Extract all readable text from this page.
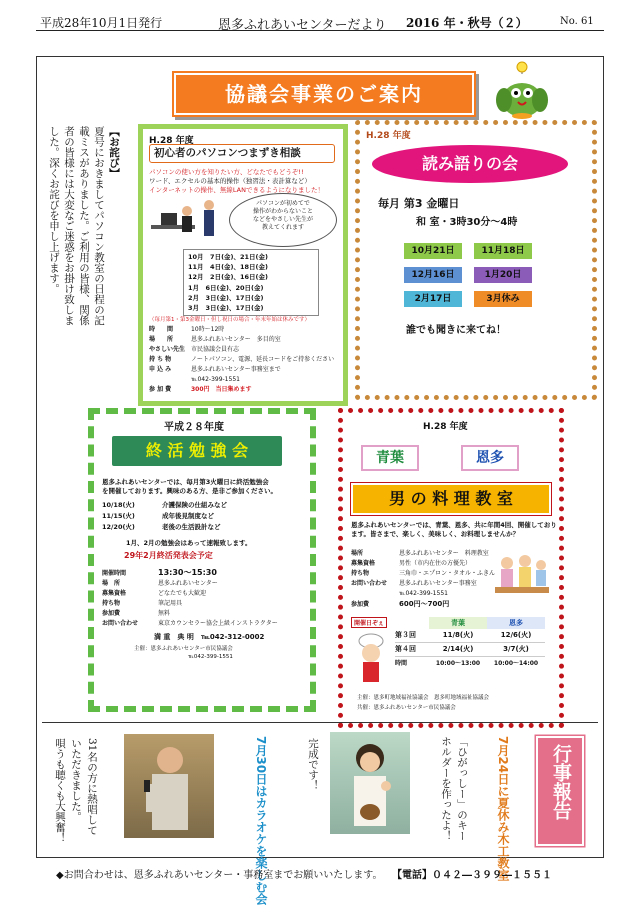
平成28年10月1日発行	恩多ふれあいセンターだより 2016 年・秋号（２）	No. 61
協議会事業のご案内
【お詫び】
夏号におきましてパソコン教室の日程の記
載ミスがありました。ご利用の皆様、関係
者の皆様には大変なご迷惑をお掛け致しま
した。深くお詫びを申し上げます。	H.28 年度
初心者のパソコンつまずき相談
パソコンの使い方を知りたい方、どなたでもどうぞ!!
ワード、エクセルの基本的操作（独習法・表計算など）
インターネットの操作、無線LANできるようになりました！
パソコンが初めてで
操作がわからないこと
などをやさしい先生が
教えてくれます
10月　7日(金)、21日(金)
11月　4日(金)、18日(金)
12月　2日(金)、16日(金)
1月　6日(金)、20日(金)
2月　3日(金)、17日(金)
3月　3日(金)、17日(金)
（毎月第1・第3金曜日・但し祝日の場合・年末年始は休みです）
時　　間	10時～12時
場　　所	恩多ふれあいセンター　多目的室
やさしい先生 市民協議会員有志
持 ち 物	ノートパソコン、電源、延長コードをご持参ください
申 込 み	恩多ふれあいセンター事務室まで
℡042-399-1551
参 加 費	300円　当日集めます
H.28 年度
読み語りの会
毎月 第3 金曜日
和 室・3時30分～4時
10月21日	11月18日
12月16日	1月20日
2月17日	3月休み
誰でも聞きに来てね！
平成２８年度
終 活 勉 強 会
恩多ふれあいセンターでは、毎月第3火曜日に終活勉強会
を開催しております。興味のある方、是非ご参加ください。
10/18(火)	介護保険の仕組みなど
11/15(火)	成年後見制度など
12/20(火)	老後の生活設計など
1月、2月の勉強会はあって速報致します。
29年2月終活発表会予定
開催時間	13:30～15:30
場　所	恩多ふれあいセンター
募集資格	どなたでも大歓迎
持ち物	筆記用具
参加費	無料
お問い合わせ	東京カウンセラー協会上級インストラクター
満 重　典 明　℡042-312-0002
主催：恩多ふれあいセンター市民協議会
℡042-399-1551
H.28 年度
青葉	恩多
男 の 料 理 教 室
恩多ふれあいセンターでは、青葉、恩多、共に年間4回、開催しており
ます。皆さまで、楽しく、美味しく、お料理しませんか？
場所	恩多ふれあいセンター　料理教室
募集資格	男性（市内在住の方優先）
持ち物	三角巾・エプロン・タオル・ふきん
お問い合わせ 恩多ふれあいセンター事務室
℡042-399-1551
参加費	600円～700円
開催日ぞぇ	青葉	恩多
第３回	11/8(火)	12/6(火)
第４回	2/14(火)	3/7(火)
時間	10:00～13:00	10:00～14:00
主催：恩多町地域福祉協議会　恩多町地域福祉協議会
共催：恩多ふれあいセンター市民協議会
行事報告
7月24日に夏休み木工教室
「ひがっしー」のキー
ホルダーを作ったよ！
完成です！
7月30日はカラオケを楽しむ会
31名の方に熱唱して
いただきました。
唄うも聴くも大興奮！
◆お問合わせは、恩多ふれあいセンター・事務室までお願いいたします。 【電話】０４２―３９９―１５５１
